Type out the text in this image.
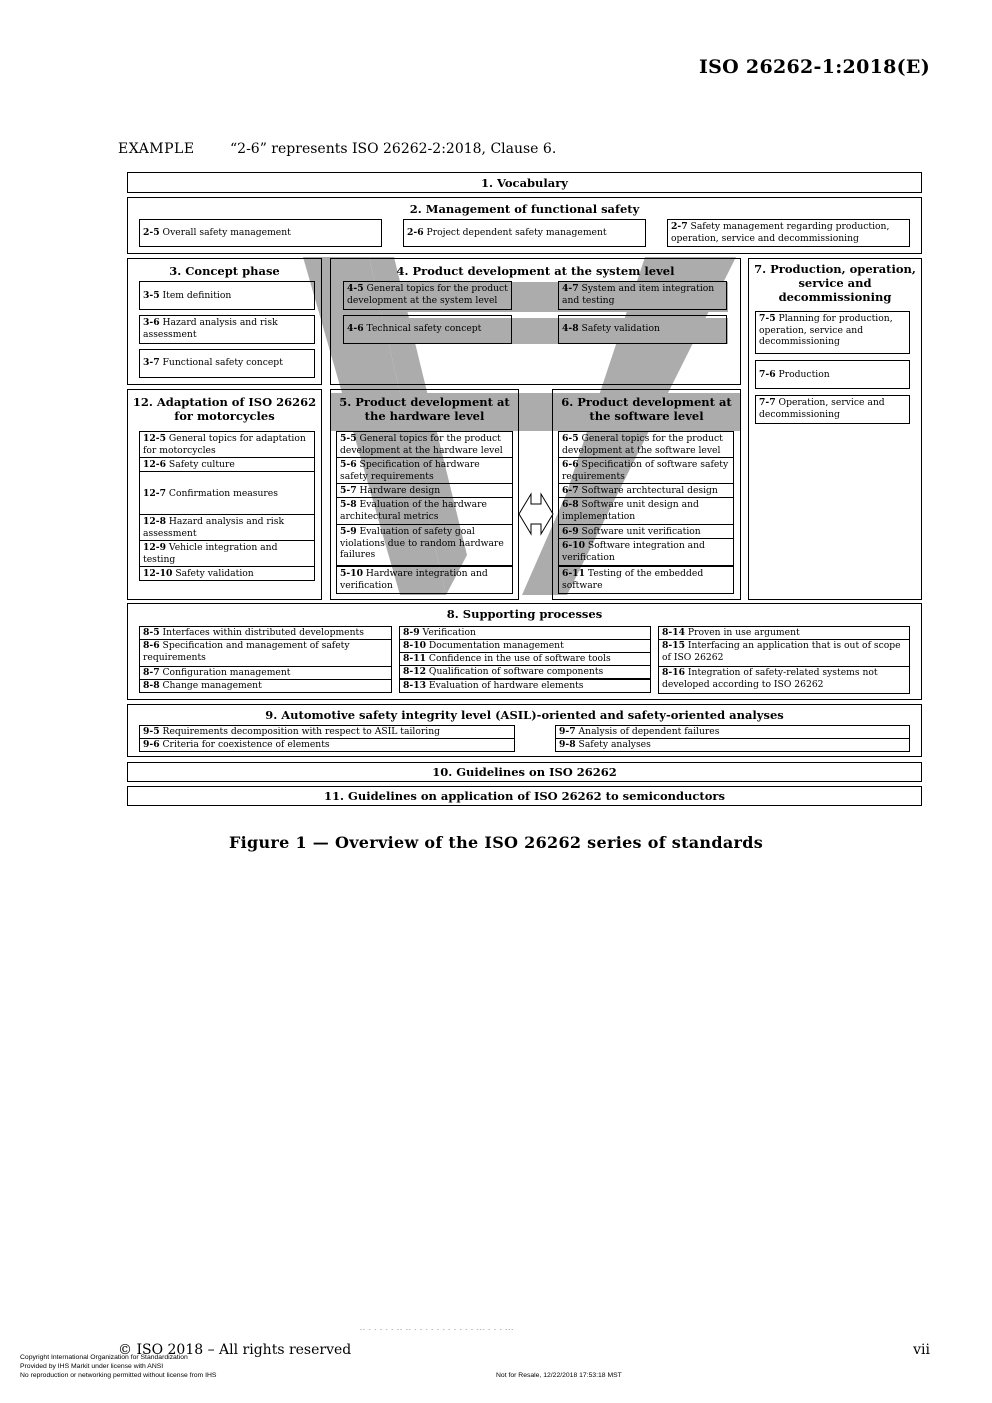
ISO 26262-1:2018(E)
EXAMPLE	“2-6” represents ISO 26262-2:2018, Clause 6.
1. Vocabulary
2. Management of functional safety
2-5 Overall safety management	2-6 Project dependent safety management
2-7 Safety management regarding production, operation, service and decommissioning
3. Concept phase
3-5 Item definition
3-6 Hazard analysis and risk assessment
3-7 Functional safety concept
4. Product development at the system level
4-5 General topics for the product development at the system level
4-7 System and item integration and testing
4-6 Technical safety concept	4-8 Safety validation
7. Production, operation, service and decommissioning
7-5 Planning for production, operation, service and decommissioning
7-6 Production
7-7 Operation, service and decommissioning
12. Adaptation of ISO 26262 for motorcycles
12-5 General topics for adaptation for motorcycles
12-6 Safety culture
12-7 Confirmation measures
12-8 Hazard analysis and risk assessment
12-9 Vehicle integration and testing
12-10 Safety validation
5. Product development at the hardware level
5-5 General topics for the product development at the hardware level
5-6 Specification of hardware safety requirements
5-7 Hardware design
5-8 Evaluation of the hardware architectural metrics
5-9 Evaluation of safety goal violations due to random hardware failures
5-10 Hardware integration and verification
6. Product development at the software level
6-5 General topics for the product development at the software level
6-6 Specification of software safety requirements
6-7 Software archtectural design
6-8 Software unit design and implementation
6-9 Software unit verification
6-10 Software integration and verification
6-11 Testing of the embedded software
8. Supporting processes
8-5 Interfaces within distributed developments
8-6 Specification and management of safety requirements
8-7 Configuration management
8-8 Change management
8-9 Verification
8-10 Documentation management
8-11 Confidence in the use of software tools
8-12 Qualification of software components
8-13 Evaluation of hardware elements
8-14 Proven in use argument
8-15 Interfacing an application that is out of scope of ISO 26262
8-16 Integration of safety-related systems not developed according to ISO 26262
9. Automotive safety integrity level (ASIL)-oriented and safety-oriented analyses
9-5 Requirements decomposition with respect to ASIL tailoring
9-6 Criteria for coexistence of elements
9-7 Analysis of dependent failures
9-8 Safety analyses
10. Guidelines on ISO 26262
11. Guidelines on application of ISO 26262 to semiconductors
Figure 1 — Overview of the ISO 26262 series of standards
-- - - - - - -- -- - - - - - - - - - - - --- - - - ---
© ISO 2018 – All rights reserved	vii
Copyright International Organization for Standardization
Provided by IHS Markit under license with ANSI
No reproduction or networking permitted without license from IHS	Not for Resale, 12/22/2018 17:53:18 MST
